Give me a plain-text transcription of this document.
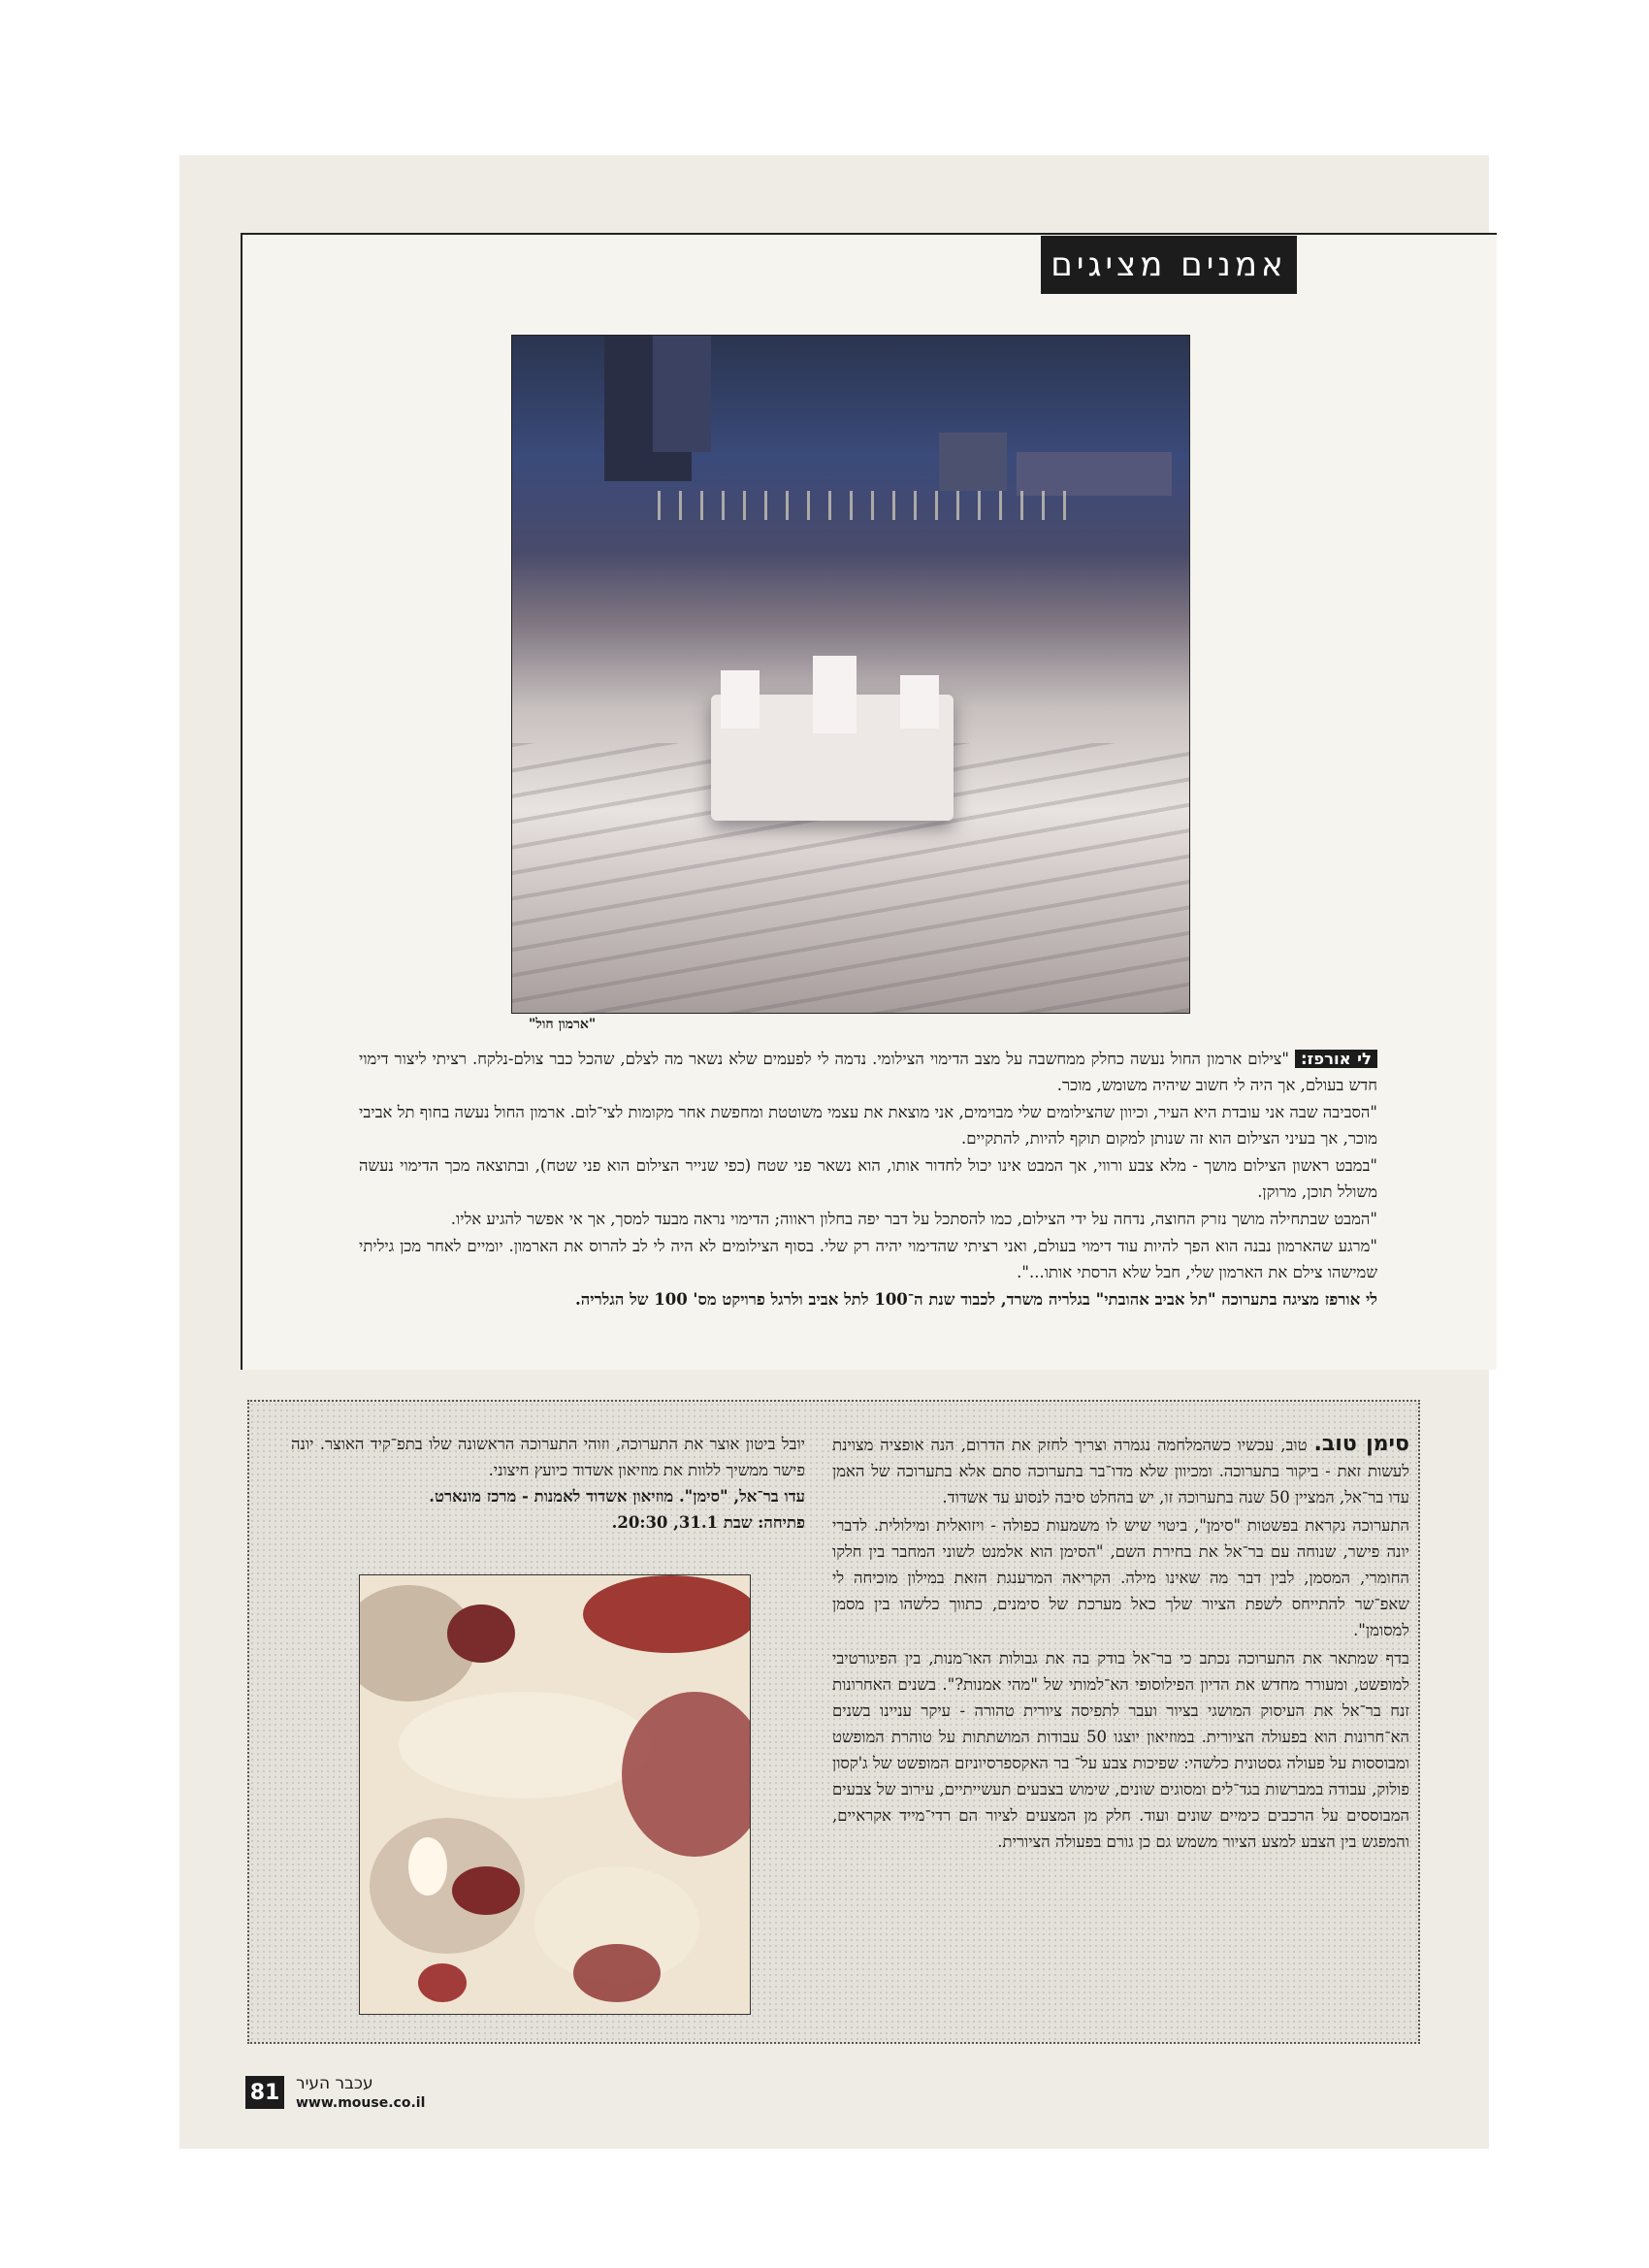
אמנים מציגים
"ארמון חול"

לי אורפז:"צילום ארמון החול נעשה כחלק ממחשבה על מצב הדימוי הצילומי. נדמה לי לפעמים שלא נשאר מה לצלם, שהכל כבר צולם-נלקח. רציתי ליצור דימוי חדש בעולם, אך היה לי חשוב שיהיה משומש, מוכר.

"הסביבה שבה אני עובדת היא העיר, וכיוון שהצילומים שלי מבוימים, אני מוצאת את עצמי משוטטת ומחפשת אחר מקומות לצי־לום. ארמון החול נעשה בחוף תל אביבי מוכר, אך בעיני הצילום הוא זה שנותן למקום תוקף להיות, להתקיים.

"במבט ראשון הצילום מושך - מלא צבע ורווי, אך המבט אינו יכול לחדור אותו, הוא נשאר פני שטח (כפי שנייר הצילום הוא פני שטח), ובתוצאה מכך הדימוי נעשה משולל תוכן, מרוקן.

"המבט שבתחילה מושך נזרק החוצה, נדחה על ידי הצילום, כמו להסתכל על דבר יפה בחלון ראווה; הדימוי נראה מבעד למסך, אך אי אפשר להגיע אליו.

"מרגע שהארמון נבנה הוא הפך להיות עוד דימוי בעולם, ואני רציתי שהדימוי יהיה רק שלי. בסוף הצילומים לא היה לי לב להרוס את הארמון. יומיים לאחר מכן גיליתי שמישהו צילם את הארמון שלי, חבל שלא הרסתי אותו...".

לי אורפז מציגה בתערוכה "תל אביב אהובתי" בגלריה משרד, לכבוד שנת ה־100 לתל אביב ולרגל פרויקט מס' 100 של הגלריה.

סימן טוב. טוב, עכשיו כשהמלחמה נגמרה וצריך לחזק את הדרום, הנה אופציה מצוינת לעשות זאת - ביקור בתערוכה. ומכיוון שלא מדו־בר בתערוכה סתם אלא בתערוכה של האמן עדו בר־אל, המציין 50 שנה בתערוכה זו, יש בהחלט סיבה לנסוע עד אשדוד.

התערוכה נקראת בפשטות "סימן", ביטוי שיש לו משמעות כפולה - ויזואלית ומילולית. לדברי יונה פישר, שנוחה עם בר־אל את בחירת השם, "הסימן הוא אלמנט לשוני המחבר בין חלקו החומרי, המסמן, לבין דבר מה שאינו מילה. הקריאה המרענגת הזאת במילון מוכיחה לי שאפ־שר להתייחס לשפת הציור שלך כאל מערכת של סימנים, כתווך כלשהו בין מסמן למסומן".

בדף שמתאר את התערוכה נכתב כי בר־אל בודק בה את גבולות האו־מנות, בין הפיגורטיבי למופשט, ומעורר מחדש את הדיון הפילוסופי הא־למותי של "מהי אמנות?". בשנים האחרונות זנח בר־אל את העיסוק המושגי בציור ועבר לתפיסה ציורית טהורה - עיקר עניינו בשנים הא־חרונות הוא בפעולה הציורית. במוזיאון יוצגו 50 עבודות המושתתות על טוהרת המופשט ומבוססות על פעולה גסטונית כלשהי: שפיכות צבע על־ בר האקספרסיוניזם המופשט של ג'קסון פולוק, עבודה במברשות בגד־לים ומסוגים שונים, שימוש בצבעים תעשייתיים, עירוב של צבעים המבוססים על הרכבים כימיים שונים ועוד. חלק מן המצעים לציור הם רדי־מייד אקראיים, והמפגש בין הצבע למצע הציור משמש גם כן גורם בפעולה הציורית.

יובל ביטון אוצר את התערוכה, וזוהי התערוכה הראשונה שלו בתפ־קיד האוצר. יונה פישר ממשיך ללוות את מוזיאון אשדוד כיועץ חיצוני.

עדו בר־אל, "סימן". מוזיאון אשדוד לאמנות - מרכז מונארט.

פתיחה: שבת 31.1, 20:30.

81 עכבר העיר
www.mouse.co.il
